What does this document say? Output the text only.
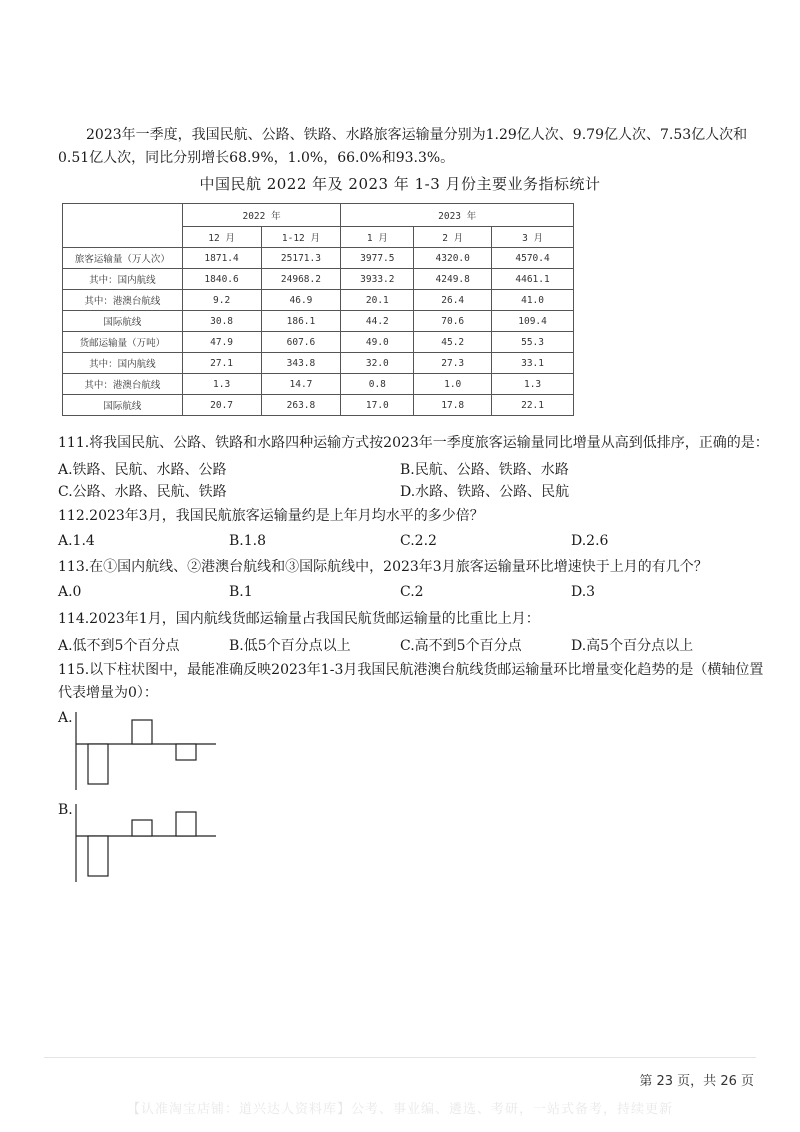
2023年一季度，我国民航、公路、铁路、水路旅客运输量分别为1.29亿人次、9.79亿人次、7.53亿人次和0.51亿人次，同比分别增长68.9%，1.0%，66.0%和93.3%。

中国民航 2022 年及 2023 年 1-3 月份主要业务指标统计
	2022 年		2023 年		
	12 月	1-12 月	1 月	2 月	3 月
旅客运输量（万人次）	1871.4	25171.3	3977.5	4320.0	4570.4
其中：国内航线	1840.6	24968.2	3933.2	4249.8	4461.1
其中：港澳台航线	9.2	46.9	20.1	26.4	41.0
国际航线	30.8	186.1	44.2	70.6	109.4
货邮运输量（万吨）	47.9	607.6	49.0	45.2	55.3
其中：国内航线	27.1	343.8	32.0	27.3	33.1
其中：港澳台航线	1.3	14.7	0.8	1.0	1.3
国际航线	20.7	263.8	17.0	17.8	22.1
111.将我国民航、公路、铁路和水路四种运输方式按2023年一季度旅客运输量同比增量从高到低排序，正确的是：
A.铁路、民航、水路、公路	B.民航、公路、铁路、水路
C.公路、水路、民航、铁路	D.水路、铁路、公路、民航
112.2023年3月，我国民航旅客运输量约是上年月均水平的多少倍？
A.1.4	B.1.8	C.2.2	D.2.6
113.在①国内航线、②港澳台航线和③国际航线中，2023年3月旅客运输量环比增速快于上月的有几个？
A.0	B.1	C.2	D.3
114.2023年1月，国内航线货邮运输量占我国民航货邮运输量的比重比上月：
A.低不到5个百分点	B.低5个百分点以上	C.高不到5个百分点	D.高5个百分点以上
115.以下柱状图中，最能准确反映2023年1-3月我国民航港澳台航线货邮运输量环比增量变化趋势的是（横轴位置
代表增量为0）：
A.
B.
第 23 页，共 26 页
【认准淘宝店铺：道兴达人资料库】公考、事业编、遴选、考研，一站式备考，持续更新
